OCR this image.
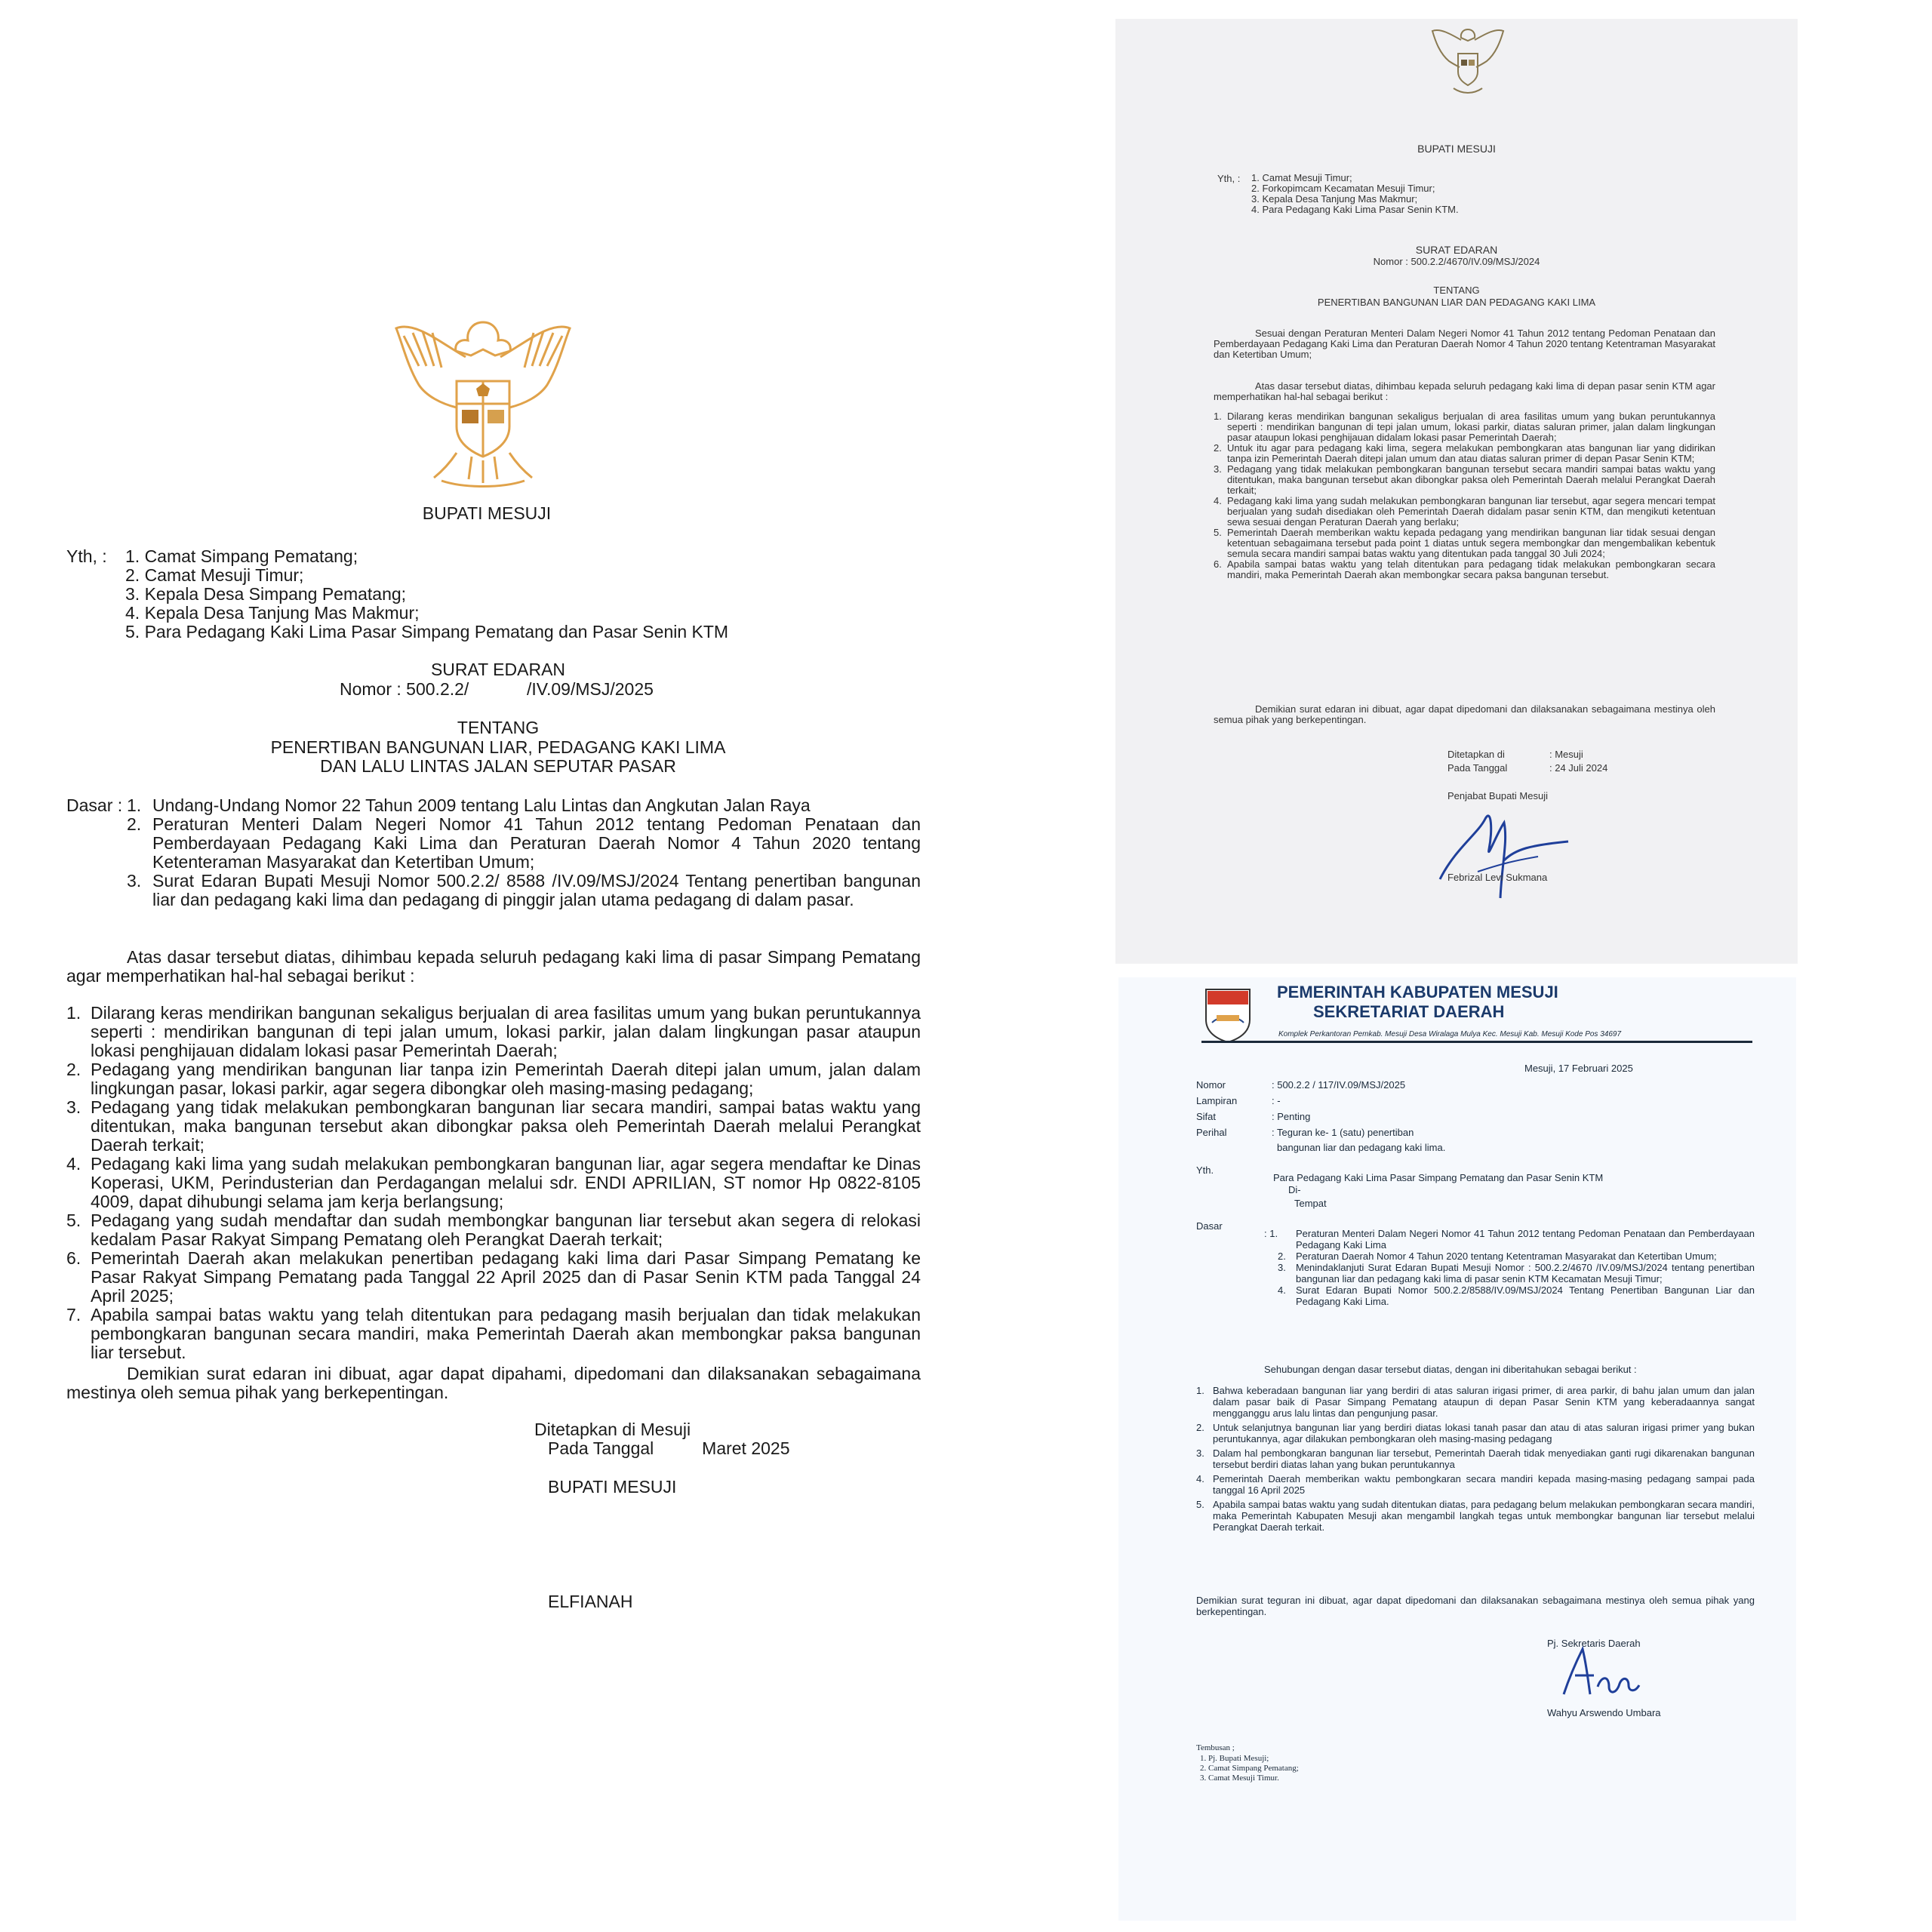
BUPATI MESUJI
Yth, : 1. Camat Simpang Pematang;
2. Camat Mesuji Timur;
3. Kepala Desa Simpang Pematang;
4. Kepala Desa Tanjung Mas Makmur;
5. Para Pedagang Kaki Lima Pasar Simpang Pematang dan Pasar Senin KTM
SURAT EDARAN
Nomor : 500.2.2/            /IV.09/MSJ/2025
TENTANG
PENERTIBAN BANGUNAN LIAR, PEDAGANG KAKI LIMA
DAN LALU LINTAS JALAN SEPUTAR PASAR
Dasar : 1. Undang-Undang Nomor 22 Tahun 2009 tentang Lalu Lintas dan Angkutan Jalan Raya
2. Peraturan Menteri Dalam Negeri Nomor 41 Tahun 2012 tentang Pedoman Penataan dan Pemberdayaan Pedagang Kaki Lima dan Peraturan Daerah Nomor 4 Tahun 2020 tentang Ketenteraman Masyarakat dan Ketertiban Umum;
3. Surat Edaran Bupati Mesuji Nomor 500.2.2/ 8588 /IV.09/MSJ/2024 Tentang penertiban bangunan liar dan pedagang kaki lima dan pedagang di pinggir jalan utama pedagang di dalam pasar.
Atas dasar tersebut diatas, dihimbau kepada seluruh pedagang kaki lima di pasar Simpang Pematang agar memperhatikan hal-hal sebagai berikut :
1. Dilarang keras mendirikan bangunan sekaligus berjualan di area fasilitas umum yang bukan peruntukannya seperti : mendirikan bangunan di tepi jalan umum, lokasi parkir, jalan dalam lingkungan pasar ataupun lokasi penghijauan didalam lokasi pasar Pemerintah Daerah;
2. Pedagang yang mendirikan bangunan liar tanpa izin Pemerintah Daerah ditepi jalan umum, jalan dalam lingkungan pasar, lokasi parkir, agar segera dibongkar oleh masing-masing pedagang;
3. Pedagang yang tidak melakukan pembongkaran bangunan liar secara mandiri, sampai batas waktu yang ditentukan, maka bangunan tersebut akan dibongkar paksa oleh Pemerintah Daerah melalui Perangkat Daerah terkait;
4. Pedagang kaki lima yang sudah melakukan pembongkaran bangunan liar, agar segera mendaftar ke Dinas Koperasi, UKM, Perindusterian dan Perdagangan melalui sdr. ENDI APRILIAN, ST nomor Hp 0822-8105 4009, dapat dihubungi selama jam kerja berlangsung;
5. Pedagang yang sudah mendaftar dan sudah membongkar bangunan liar tersebut akan segera di relokasi kedalam Pasar Rakyat Simpang Pematang oleh Perangkat Daerah terkait;
6. Pemerintah Daerah akan melakukan penertiban pedagang kaki lima dari Pasar Simpang Pematang ke Pasar Rakyat Simpang Pematang pada Tanggal 22 April 2025 dan di Pasar Senin KTM pada Tanggal 24 April 2025;
7. Apabila sampai batas waktu yang telah ditentukan para pedagang masih berjualan dan tidak melakukan pembongkaran bangunan secara mandiri, maka Pemerintah Daerah akan membongkar paksa bangunan liar tersebut.
Demikian surat edaran ini dibuat, agar dapat dipahami, dipedomani dan dilaksanakan sebagaimana mestinya oleh semua pihak yang berkepentingan.
Ditetapkan di Mesuji
Pada Tanggal          Maret 2025
BUPATI MESUJI
ELFIANAH
BUPATI MESUJI
Yth, : 1. Camat Mesuji Timur;
2. Forkopimcam Kecamatan Mesuji Timur;
3. Kepala Desa Tanjung Mas Makmur;
4. Para Pedagang Kaki Lima Pasar Senin KTM.
SURAT EDARAN
Nomor : 500.2.2/4670/IV.09/MSJ/2024
TENTANG
PENERTIBAN BANGUNAN LIAR DAN PEDAGANG KAKI LIMA
Sesuai dengan Peraturan Menteri Dalam Negeri Nomor 41 Tahun 2012 tentang Pedoman Penataan dan Pemberdayaan Pedagang Kaki Lima dan Peraturan Daerah Nomor 4 Tahun 2020 tentang Ketentraman Masyarakat dan Ketertiban Umum;
Atas dasar tersebut diatas, dihimbau kepada seluruh pedagang kaki lima di depan pasar senin KTM agar memperhatikan hal-hal sebagai berikut :
1. Dilarang keras mendirikan bangunan sekaligus berjualan di area fasilitas umum yang bukan peruntukannya seperti : mendirikan bangunan di tepi jalan umum, lokasi parkir, diatas saluran primer, jalan dalam lingkungan pasar ataupun lokasi penghijauan didalam lokasi pasar Pemerintah Daerah;
2. Untuk itu agar para pedagang kaki lima, segera melakukan pembongkaran atas bangunan liar yang didirikan tanpa izin Pemerintah Daerah ditepi jalan umum dan atau diatas saluran primer di depan Pasar Senin KTM;
3. Pedagang yang tidak melakukan pembongkaran bangunan tersebut secara mandiri sampai batas waktu yang ditentukan, maka bangunan tersebut akan dibongkar paksa oleh Pemerintah Daerah melalui Perangkat Daerah terkait;
4. Pedagang kaki lima yang sudah melakukan pembongkaran bangunan liar tersebut, agar segera mencari tempat berjualan yang sudah disediakan oleh Pemerintah Daerah didalam pasar senin KTM, dan mengikuti ketentuan sewa sesuai dengan Peraturan Daerah yang berlaku;
5. Pemerintah Daerah memberikan waktu kepada pedagang yang mendirikan bangunan liar tidak sesuai dengan ketentuan sebagaimana tersebut pada point 1 diatas untuk segera membongkar dan mengembalikan kebentuk semula secara mandiri sampai batas waktu yang ditentukan pada tanggal 30 Juli 2024;
6. Apabila sampai batas waktu yang telah ditentukan para pedagang tidak melakukan pembongkaran secara mandiri, maka Pemerintah Daerah akan membongkar secara paksa bangunan tersebut.
Demikian surat edaran ini dibuat, agar dapat dipedomani dan dilaksanakan sebagaimana mestinya oleh semua pihak yang berkepentingan.
Ditetapkan di	: Mesuji
Pada Tanggal	: 24 Juli 2024
Penjabat Bupati Mesuji
Febrizal Levi Sukmana
PEMERINTAH KABUPATEN MESUJI
SEKRETARIAT DAERAH
Komplek Perkantoran Pemkab. Mesuji Desa Wiralaga Mulya Kec. Mesuji Kab. Mesuji Kode Pos 34697
Mesuji, 17 Februari 2025
Nomor	: 500.2.2 / 117/IV.09/MSJ/2025
Lampiran	: -
Sifat	: Penting
Perihal	: Teguran ke- 1 (satu) penertiban
bangunan liar dan pedagang kaki lima.
Yth.
Para Pedagang Kaki Lima Pasar Simpang Pematang dan Pasar Senin KTM
Di-
Tempat
Dasar
: 1. Peraturan Menteri Dalam Negeri Nomor 41 Tahun 2012 tentang Pedoman Penataan dan Pemberdayaan Pedagang Kaki Lima
2. Peraturan Daerah Nomor 4 Tahun 2020 tentang Ketentraman Masyarakat dan Ketertiban Umum;
3. Menindaklanjuti Surat Edaran Bupati Mesuji Nomor : 500.2.2/4670 /IV.09/MSJ/2024 tentang penertiban bangunan liar dan pedagang kaki lima di pasar senin KTM Kecamatan Mesuji Timur;
4. Surat Edaran Bupati Nomor 500.2.2/8588/IV.09/MSJ/2024 Tentang Penertiban Bangunan Liar dan Pedagang Kaki Lima.
Sehubungan dengan dasar tersebut diatas, dengan ini diberitahukan sebagai berikut :
1. Bahwa keberadaan bangunan liar yang berdiri di atas saluran irigasi primer, di area parkir, di bahu jalan umum dan jalan dalam pasar baik di Pasar Simpang Pematang ataupun di depan Pasar Senin KTM yang keberadaannya sangat mengganggu arus lalu lintas dan pengunjung pasar.
2. Untuk selanjutnya bangunan liar yang berdiri diatas lokasi tanah pasar dan atau di atas saluran irigasi primer yang bukan peruntukannya, agar dilakukan pembongkaran oleh masing-masing pedagang
3. Dalam hal pembongkaran bangunan liar tersebut, Pemerintah Daerah tidak menyediakan ganti rugi dikarenakan bangunan tersebut berdiri diatas lahan yang bukan peruntukannya
4. Pemerintah Daerah memberikan waktu pembongkaran secara mandiri kepada masing-masing pedagang sampai pada tanggal 16 April 2025
5. Apabila sampai batas waktu yang sudah ditentukan diatas, para pedagang belum melakukan pembongkaran secara mandiri, maka Pemerintah Kabupaten Mesuji akan mengambil langkah tegas untuk membongkar bangunan liar tersebut melalui Perangkat Daerah terkait.
Demikian surat teguran ini dibuat, agar dapat dipedomani dan dilaksanakan sebagaimana mestinya oleh semua pihak yang berkepentingan.
Pj. Sekretaris Daerah
Wahyu Arswendo Umbara
Tembusan ;
1. Pj. Bupati Mesuji;
2. Camat Simpang Pematang;
3. Camat Mesuji Timur.
